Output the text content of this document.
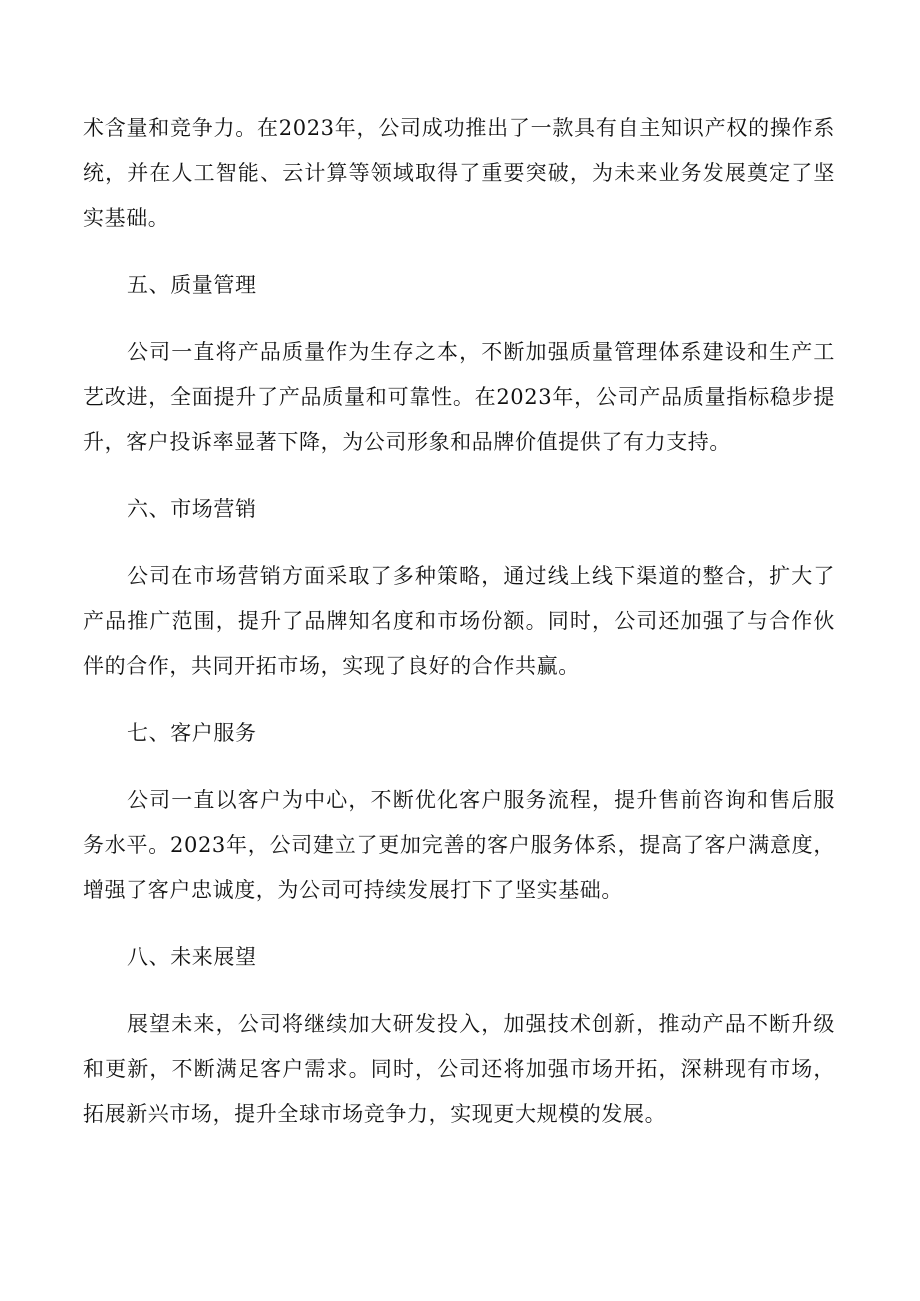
术含量和竞争力。在2023年，公司成功推出了一款具有自主知识产权的操作系统，并在人工智能、云计算等领域取得了重要突破，为未来业务发展奠定了坚实基础。

五、质量管理

公司一直将产品质量作为生存之本，不断加强质量管理体系建设和生产工艺改进，全面提升了产品质量和可靠性。在2023年，公司产品质量指标稳步提升，客户投诉率显著下降，为公司形象和品牌价值提供了有力支持。

六、市场营销

公司在市场营销方面采取了多种策略，通过线上线下渠道的整合，扩大了产品推广范围，提升了品牌知名度和市场份额。同时，公司还加强了与合作伙伴的合作，共同开拓市场，实现了良好的合作共赢。

七、客户服务

公司一直以客户为中心，不断优化客户服务流程，提升售前咨询和售后服务水平。2023年，公司建立了更加完善的客户服务体系，提高了客户满意度，增强了客户忠诚度，为公司可持续发展打下了坚实基础。

八、未来展望

展望未来，公司将继续加大研发投入，加强技术创新，推动产品不断升级和更新，不断满足客户需求。同时，公司还将加强市场开拓，深耕现有市场，拓展新兴市场，提升全球市场竞争力，实现更大规模的发展。
